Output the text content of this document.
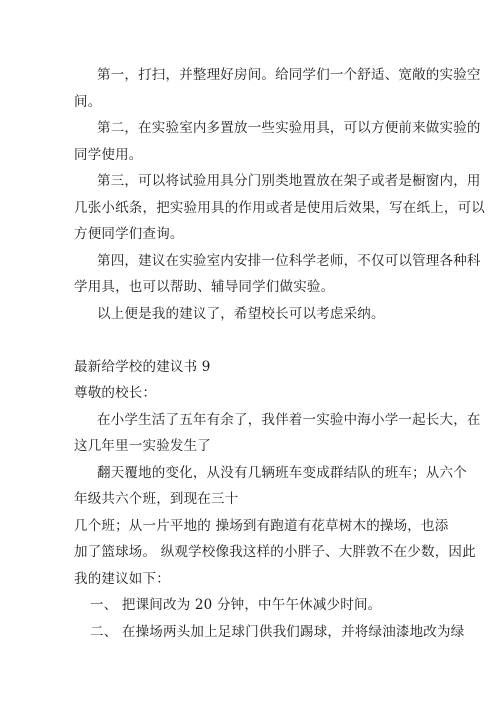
第一，打扫，并整理好房间。给同学们一个舒适、宽敞的实验空
间。
第二，在实验室内多置放一些实验用具，可以方便前来做实验的
同学使用。
第三，可以将试验用具分门别类地置放在架子或者是橱窗内，用
几张小纸条，把实验用具的作用或者是使用后效果，写在纸上，可以
方便同学们查询。
第四，建议在实验室内安排一位科学老师，不仅可以管理各种科
学用具，也可以帮助、辅导同学们做实验。
以上便是我的建议了，希望校长可以考虑采纳。
最新给学校的建议书 9
尊敬的校长：
在小学生活了五年有余了，我伴着一实验中海小学一起长大，在
这几年里一实验发生了
翻天覆地的变化，从没有几辆班车变成群结队的班车；从六个
年级共六个班，到现在三十
几个班；从一片平地的 操场到有跑道有花草树木的操场，也添
加了篮球场。 纵观学校像我这样的小胖子、大胖敦不在少数，因此
我的建议如下：
一、 把课间改为 20 分钟，中午午休减少时间。
二、 在操场两头加上足球门供我们踢球，并将绿油漆地改为绿
